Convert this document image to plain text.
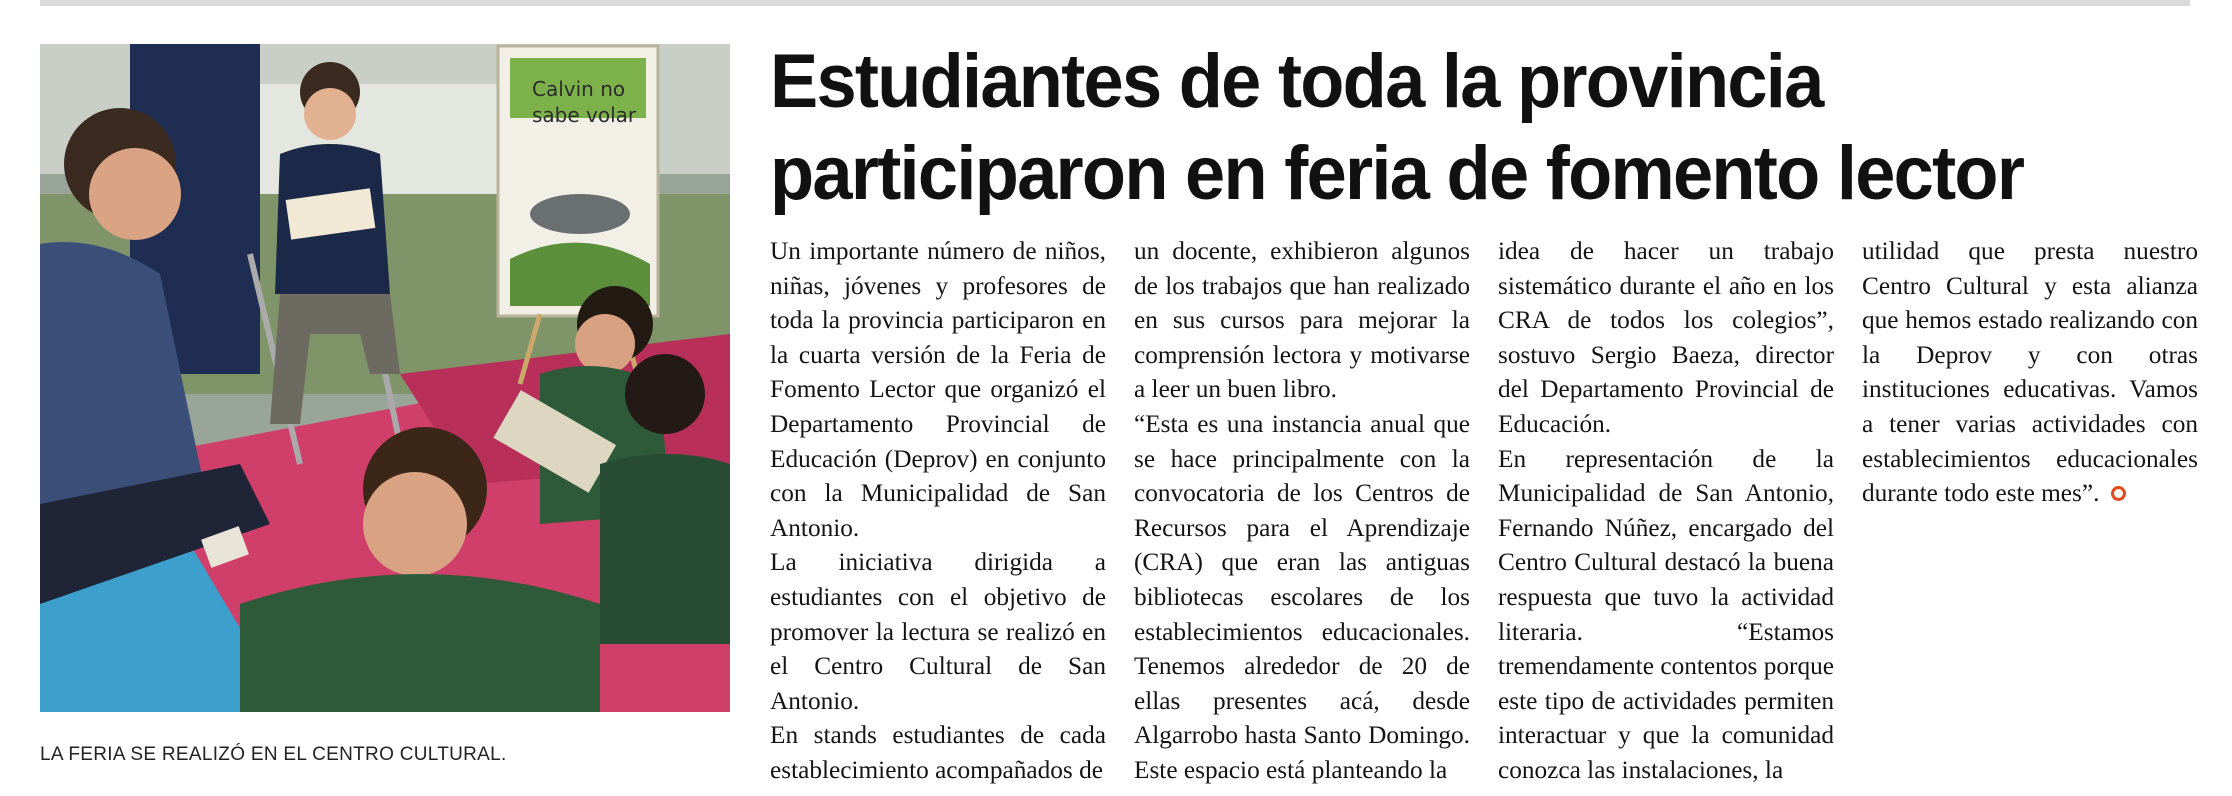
Calvin no
sabe volar
LA FERIA SE REALIZÓ EN EL CENTRO CULTURAL.
Estudiantes de toda la provincia
participaron en feria de fomento lector

Un importante número de niños, niñas, jóvenes y profesores de toda la provincia participaron en la cuarta versión de la Feria de Fomento Lector que organizó el Departamento Provincial de Educación (Deprov) en conjunto con la Municipalidad de San Antonio.

La iniciativa dirigida a estudiantes con el objetivo de promover la lectura se realizó en el Centro Cultural de San Antonio.

En stands estudiantes de cada establecimiento acompañados de

un docente, exhibieron algunos de los trabajos que han realizado en sus cursos para mejorar la comprensión lectora y motivarse a leer un buen libro.

“Esta es una instancia anual que se hace principalmente con la convocatoria de los Centros de Recursos para el Aprendizaje (CRA) que eran las antiguas bibliotecas escolares de los establecimientos educacionales. Tenemos alrededor de 20 de ellas presentes acá, desde Algarrobo hasta Santo Domingo. Este espacio está planteando la

idea de hacer un trabajo sistemático durante el año en los CRA de todos los colegios”, sostuvo Sergio Baeza, director del Departamento Provincial de Educación.

En representación de la Municipalidad de San Antonio, Fernando Núñez, encargado del Centro Cultural destacó la buena respuesta que tuvo la actividad literaria. “Estamos tremendamente contentos porque este tipo de actividades permiten interactuar y que la comunidad conozca las instalaciones, la

utilidad que presta nuestro Centro Cultural y esta alianza que hemos estado realizando con la Deprov y con otras instituciones educativas. Vamos a tener varias actividades con establecimientos educacionales durante todo este mes”.
